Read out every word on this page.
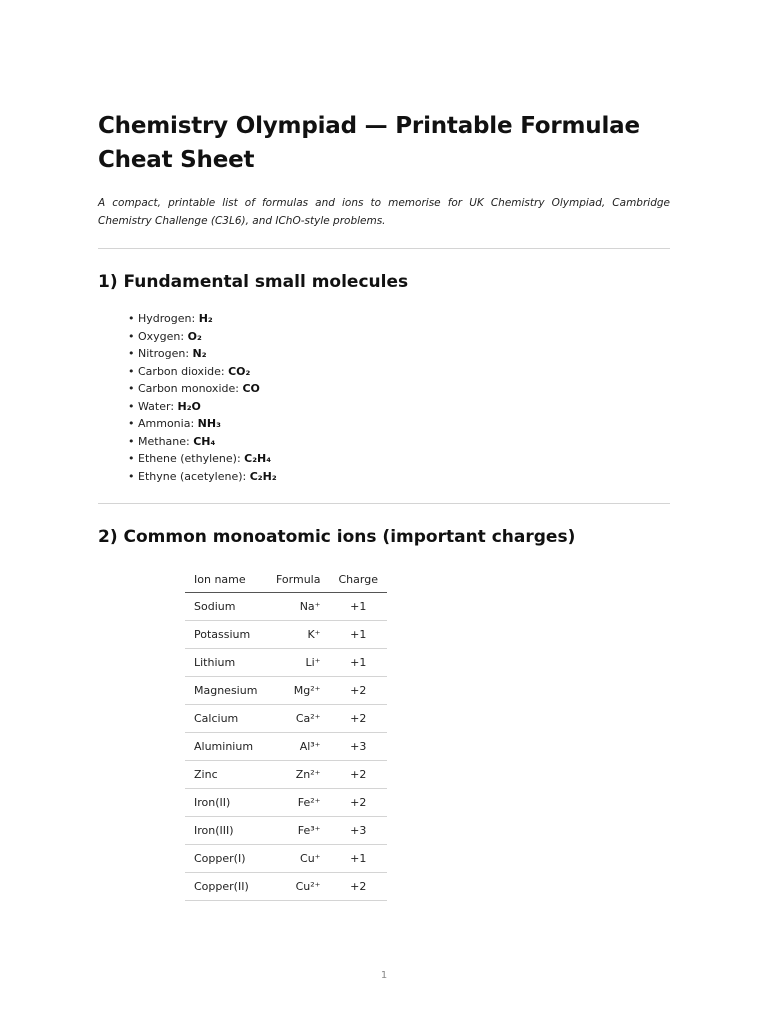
Chemistry Olympiad — Printable Formulae Cheat Sheet

A compact, printable list of formulas and ions to memorise for UK Chemistry Olympiad, Cambridge Chemistry Challenge (C3L6), and IChO-style problems.

1) Fundamental small molecules
• Hydrogen: H₂
• Oxygen: O₂
• Nitrogen: N₂
• Carbon dioxide: CO₂
• Carbon monoxide: CO
• Water: H₂O
• Ammonia: NH₃
• Methane: CH₄
• Ethene (ethylene): C₂H₄
• Ethyne (acetylene): C₂H₂
2) Common monoatomic ions (important charges)
Ion name	Formula	Charge
Sodium	Na⁺	+1
Potassium	K⁺	+1
Lithium	Li⁺	+1
Magnesium	Mg²⁺	+2
Calcium	Ca²⁺	+2
Aluminium	Al³⁺	+3
Zinc	Zn²⁺	+2
Iron(II)	Fe²⁺	+2
Iron(III)	Fe³⁺	+3
Copper(I)	Cu⁺	+1
Copper(II)	Cu²⁺	+2
1
